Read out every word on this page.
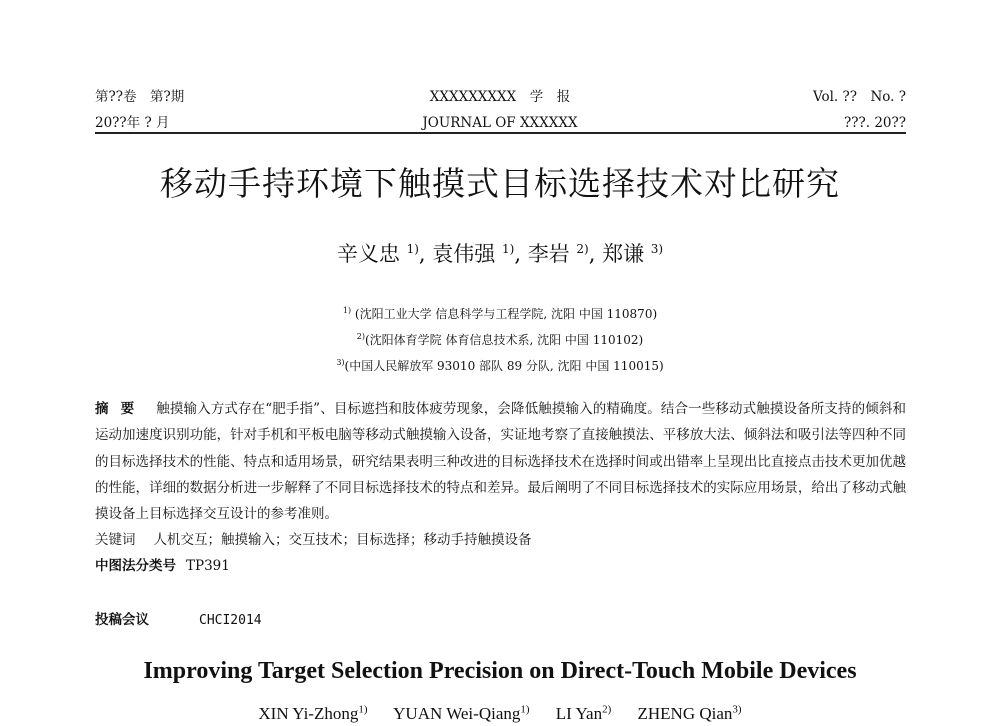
第??卷　第?期
20??年 ? 月
XXXXXXXXX　学　报
JOURNAL OF XXXXXX
Vol. ??　No. ?
???. 20??
移动手持环境下触摸式目标选择技术对比研究
辛义忠 $^{1)}$, 袁伟强 $^{1)}$, 李岩 $^{2)}$, 郑谦 $^{3)}$
$^{1)}$ (沈阳工业大学 信息科学与工程学院, 沈阳 中国 110870)
$^{2)}$(沈阳体育学院 体育信息技术系, 沈阳 中国 110102)
$^{3)}$(中国人民解放军 93010 部队 89 分队, 沈阳 中国 110015)
摘要 触摸输入方式存在“肥手指”、目标遮挡和肢体疲劳现象，会降低触摸输入的精确度。结合一些移动式触摸设备所支持的倾斜和运动加速度识别功能，针对手机和平板电脑等移动式触摸输入设备，实证地考察了直接触摸法、平移放大法、倾斜法和吸引法等四种不同的目标选择技术的性能、特点和适用场景，研究结果表明三种改进的目标选择技术在选择时间或出错率上呈现出比直接点击技术更加优越的性能，详细的数据分析进一步解释了不同目标选择技术的特点和差异。最后阐明了不同目标选择技术的实际应用场景，给出了移动式触摸设备上目标选择交互设计的参考准则。
关键词 人机交互；触摸输入；交互技术；目标选择；移动手持触摸设备
中图法分类号 TP391
投稿会议	CHCI2014
Improving Target Selection Precision on Direct-Touch Mobile Devices
XIN Yi-Zhong$^{1)}$ YUAN Wei-Qiang$^{1)}$ LI Yan$^{2)}$ ZHENG Qian$^{3)}$
